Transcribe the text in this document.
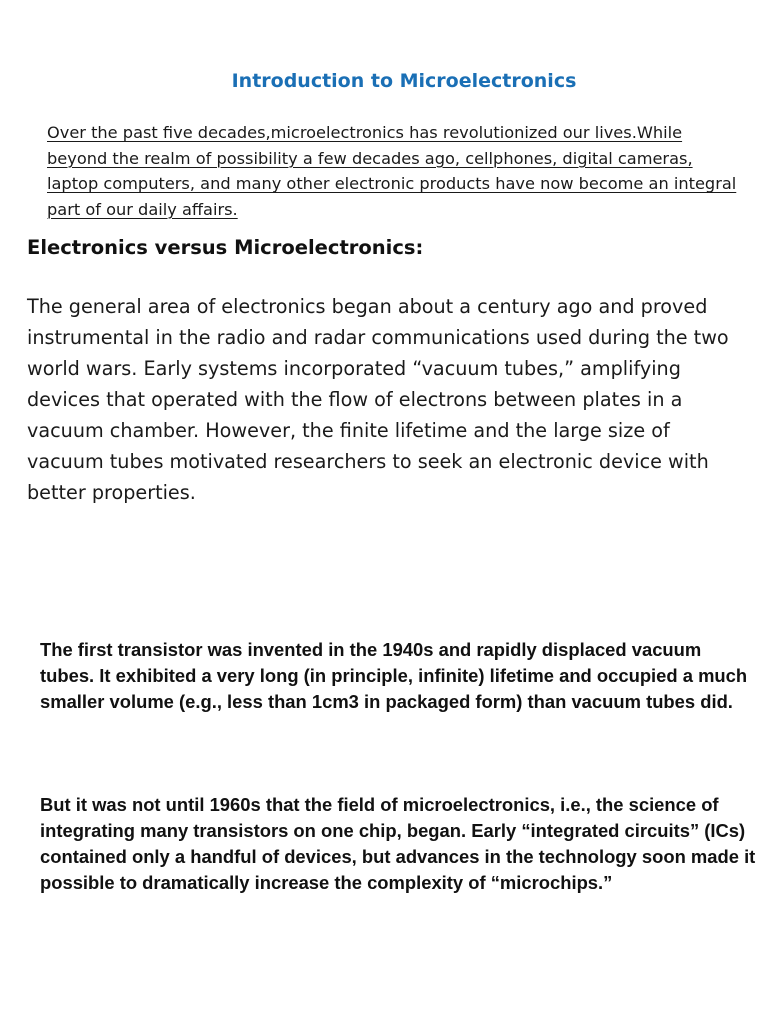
Introduction to Microelectronics

Over the past five decades,microelectronics has revolutionized our lives.While beyond the realm of possibility a few decades ago, cellphones, digital cameras, laptop computers, and many other electronic products have now become an integral part of our daily affairs.

Electronics versus Microelectronics:

The general area of electronics began about a century ago and proved instrumental in the radio and radar communications used during the two world wars. Early systems incorporated “vacuum tubes,” amplifying devices that operated with the flow of electrons between plates in a vacuum chamber. However, the finite lifetime and the large size of vacuum tubes motivated researchers to seek an electronic device with better properties.

The first transistor was invented in the 1940s and rapidly displaced vacuum tubes. It exhibited a very long (in principle, infinite) lifetime and occupied a much smaller volume (e.g., less than 1cm3 in packaged form) than vacuum tubes did.

But it was not until 1960s that the field of microelectronics, i.e., the science of integrating many transistors on one chip, began. Early “integrated circuits” (ICs) contained only a handful of devices, but advances in the technology soon made it possible to dramatically increase the complexity of “microchips.”
